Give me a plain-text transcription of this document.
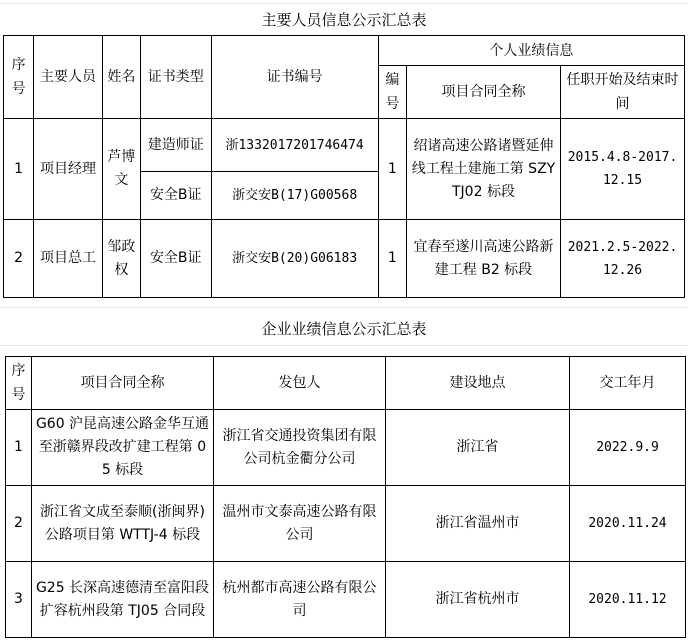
主要人员信息公示汇总表
序号	主要人员	姓名	证书类型	证书编号	个人业绩信息		
					编号	项目合同全称	任职开始及结束时间
1	项目经理	芦博文	建造师证	浙1332017201746474	1	绍诸高速公路诸暨延伸线工程土建施工第 SZYTJ02 标段	2015.4.8-2017.12.15
			安全B证	浙交安B(17)G00568			
2	项目总工	邹政权	安全B证	浙交安B(20)G06183	1	宜春至遂川高速公路新建工程 B2 标段	2021.2.5-2022.12.26
企业业绩信息公示汇总表
序号	项目合同全称	发包人	建设地点	交工年月
1	G60 沪昆高速公路金华互通至浙赣界段改扩建工程第 05 标段	浙江省交通投资集团有限公司杭金衢分公司	浙江省	2022.9.9
2	浙江省文成至泰顺(浙闽界)公路项目第 WTTJ-4 标段	温州市文泰高速公路有限公司	浙江省温州市	2020.11.24
3	G25 长深高速德清至富阳段扩容杭州段第 TJ05 合同段	杭州都市高速公路有限公司	浙江省杭州市	2020.11.12
